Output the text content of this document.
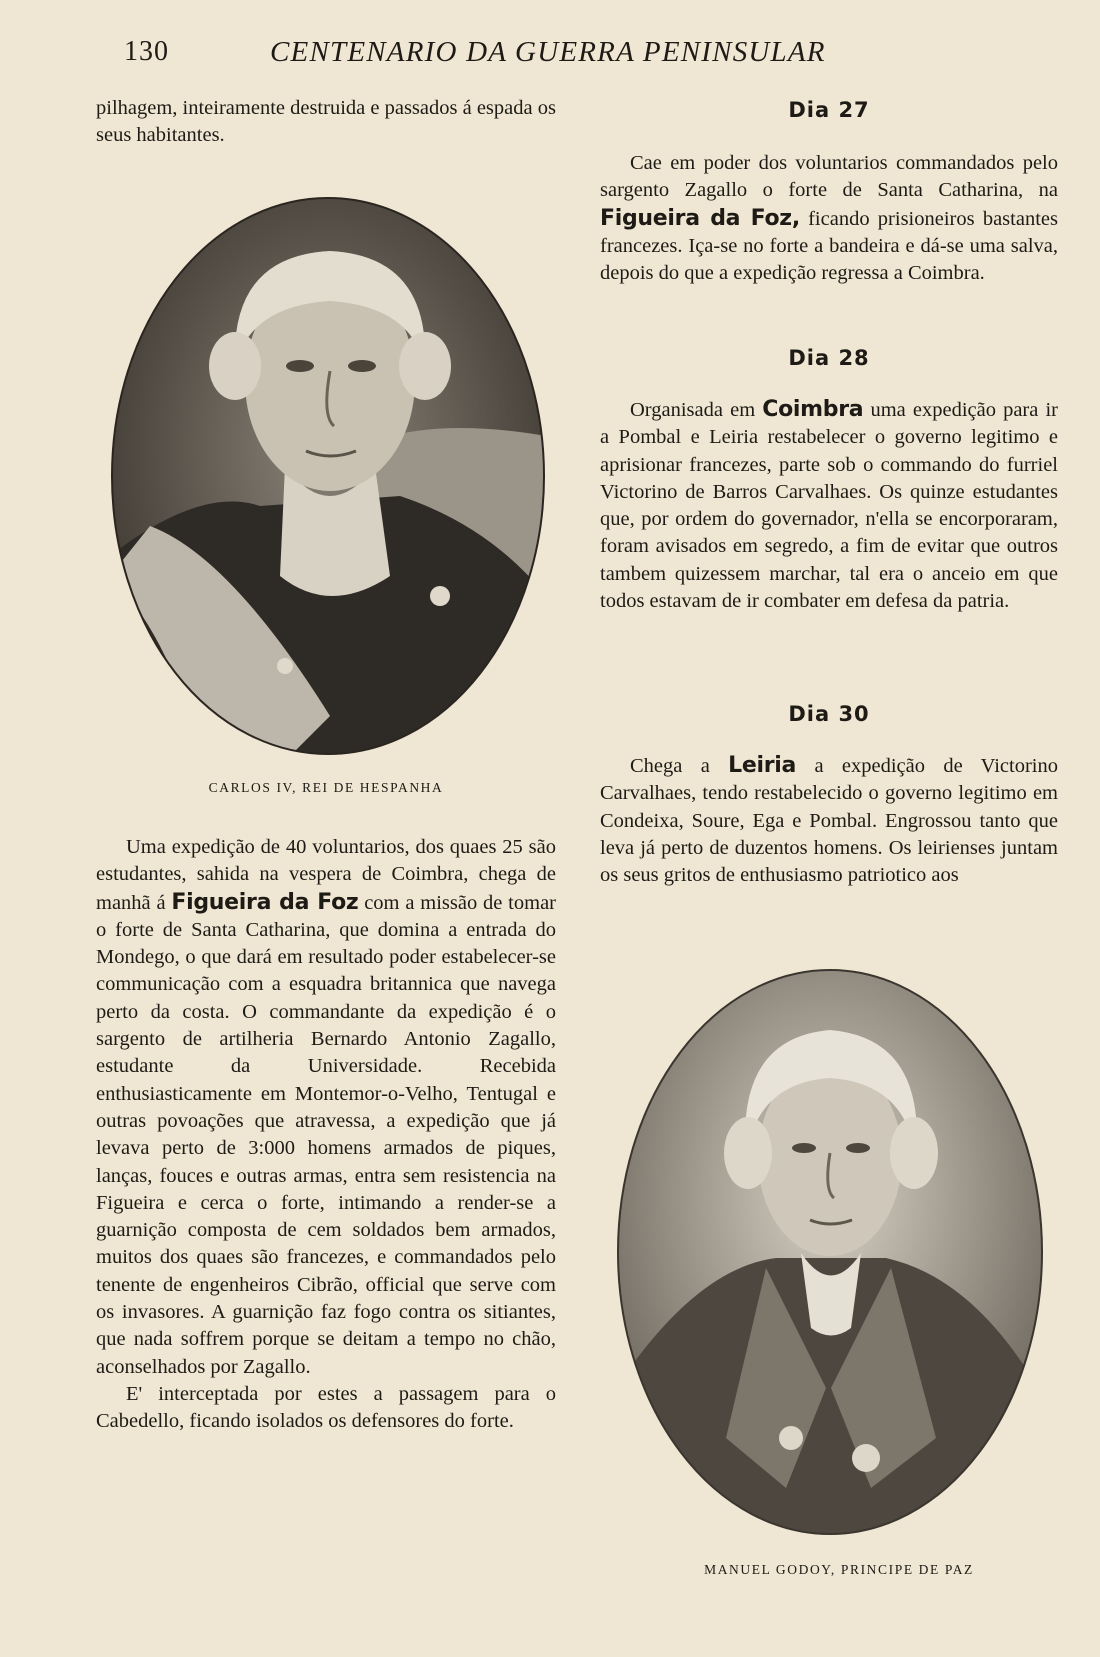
130	CENTENARIO DA GUERRA PENINSULAR

pilhagem, inteiramente destruida e passados á espada os seus habitantes.

CARLOS IV, REI DE HESPANHA

Uma expedição de 40 voluntarios, dos quaes 25 são estudantes, sahida na vespera de Coimbra, chega de manhã á Figueira da Foz com a missão de tomar o forte de Santa Catharina, que domina a entrada do Mondego, o que dará em resultado poder estabelecer-se communicação com a esquadra britannica que navega perto da costa. O commandante da expedição é o sargento de artilheria Bernardo Antonio Zagallo, estudante da Universidade. Recebida enthusiasticamente em Montemor-o-Velho, Tentugal e outras povoações que atravessa, a expedição que já levava perto de 3:000 homens armados de piques, lanças, fouces e outras armas, entra sem resistencia na Figueira e cerca o forte, intimando a render-se a guarnição composta de cem soldados bem armados, muitos dos quaes são francezes, e commandados pelo tenente de engenheiros Cibrão, official que serve com os invasores. A guarnição faz fogo contra os sitiantes, que nada soffrem porque se deitam a tempo no chão, aconselhados por Zagallo.

E' interceptada por estes a passagem para o Cabedello, ficando isolados os defensores do forte.

Dia 27

Cae em poder dos voluntarios commandados pelo sargento Zagallo o forte de Santa Catharina, na Figueira da Foz, ficando prisioneiros bastantes francezes. Iça-se no forte a bandeira e dá-se uma salva, depois do que a expedição regressa a Coimbra.

Dia 28

Organisada em Coimbra uma expedição para ir a Pombal e Leiria restabelecer o governo legitimo e aprisionar francezes, parte sob o commando do furriel Victorino de Barros Carvalhaes. Os quinze estudantes que, por ordem do governador, n'ella se encorporaram, foram avisados em segredo, a fim de evitar que outros tambem quizessem marchar, tal era o anceio em que todos estavam de ir combater em defesa da patria.

Dia 30

Chega a Leiria a expedição de Victorino Carvalhaes, tendo restabelecido o governo legitimo em Condeixa, Soure, Ega e Pombal. Engrossou tanto que leva já perto de duzentos homens. Os leirienses juntam os seus gritos de enthusiasmo patriotico aos

MANUEL GODOY, PRINCIPE DE PAZ
